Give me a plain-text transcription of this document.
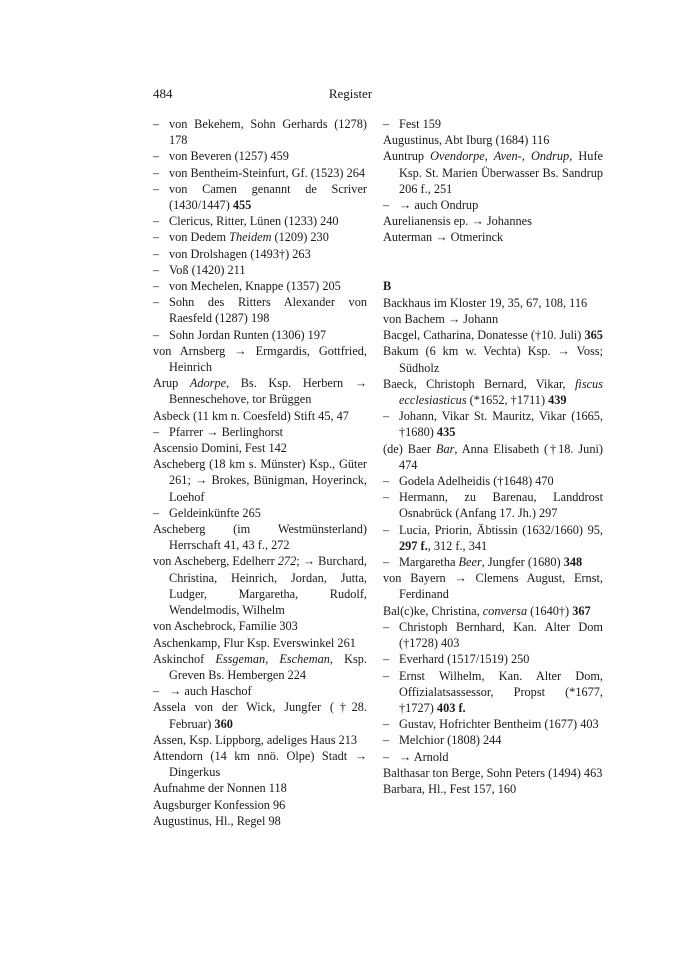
484	Register

– von Bekehem, Sohn Gerhards (1278) 178

– von Beveren (1257) 459

– von Bentheim-Steinfurt, Gf. (1523) 264

– von Camen genannt de Scriver (1430/1447) 455

– Clericus, Ritter, Lünen (1233) 240

– von Dedem Theidem (1209) 230

– von Drolshagen (1493†) 263

– Voß (1420) 211

– von Mechelen, Knappe (1357) 205

– Sohn des Ritters Alexander von Raesfeld (1287) 198

– Sohn Jordan Runten (1306) 197

von Arnsberg → Ermgardis, Gottfried, Heinrich

Arup Adorpe, Bs. Ksp. Herbern → Benneschehove, tor Brüggen

Asbeck (11 km n. Coesfeld) Stift 45, 47

– Pfarrer → Berlinghorst

Ascensio Domini, Fest 142

Ascheberg (18 km s. Münster) Ksp., Güter 261; → Brokes, Bünigman, Hoyerinck, Loehof

– Geldeinkünfte 265

Ascheberg (im Westmünsterland) Herrschaft 41, 43 f., 272

von Ascheberg, Edelherr 272; → Burchard, Christina, Heinrich, Jordan, Jutta, Ludger, Margaretha, Rudolf, Wendelmodis, Wilhelm

von Aschebrock, Familie 303

Aschenkamp, Flur Ksp. Everswinkel 261

Askinchof Essgeman, Escheman, Ksp. Greven Bs. Hembergen 224

– → auch Haschof

Assela von der Wick, Jungfer (†28. Februar) 360

Assen, Ksp. Lippborg, adeliges Haus 213

Attendorn (14 km nnö. Olpe) Stadt → Dingerkus

Aufnahme der Nonnen 118

Augsburger Konfession 96

Augustinus, Hl., Regel 98

– Fest 159

Augustinus, Abt Iburg (1684) 116

Auntrup Ovendorpe, Aven-, Ondrup, Hufe Ksp. St. Marien Überwasser Bs. Sandrup 206 f., 251

– → auch Ondrup

Aurelianensis ep. → Johannes

Auterman → Otmerinck

B

Backhaus im Kloster 19, 35, 67, 108, 116

von Bachem → Johann

Bacgel, Catharina, Donatesse (†10. Juli) 365

Bakum (6 km w. Vechta) Ksp. → Voss; Südholz

Baeck, Christoph Bernard, Vikar, fiscus ecclesiasticus (*1652, †1711) 439

– Johann, Vikar St. Mauritz, Vikar (1665, †1680) 435

(de) Baer Bar, Anna Elisabeth (†18. Juni) 474

– Godela Adelheidis (†1648) 470

– Hermann, zu Barenau, Landdrost Osnabrück (Anfang 17. Jh.) 297

– Lucia, Priorin, Äbtissin (1632/1660) 95, 297 f., 312 f., 341

– Margaretha Beer, Jungfer (1680) 348

von Bayern → Clemens August, Ernst, Ferdinand

Bal(c)ke, Christina, conversa (1640†) 367

– Christoph Bernhard, Kan. Alter Dom (†1728) 403

– Everhard (1517/1519) 250

– Ernst Wilhelm, Kan. Alter Dom, Offizialatsassessor, Propst (*1677, †1727) 403 f.

– Gustav, Hofrichter Bentheim (1677) 403

– Melchior (1808) 244

– → Arnold

Balthasar ton Berge, Sohn Peters (1494) 463

Barbara, Hl., Fest 157, 160
